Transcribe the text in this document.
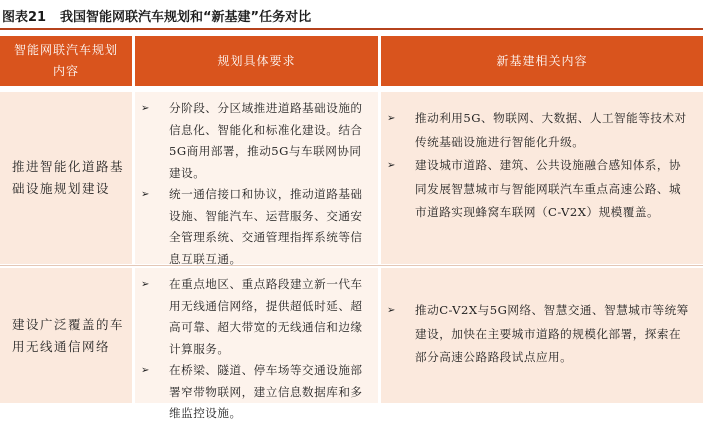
图表21 我国智能网联汽车规划和“新基建”任务对比
智能网联汽车规划内容
规划具体要求	新基建相关内容
推进智能化道路基础设施规划建设
➢ 分阶段、分区域推进道路基础设施的信息化、智能化和标准化建设。结合5G商用部署，推动5G与车联网协同建设。
➢ 统一通信接口和协议，推动道路基础设施、智能汽车、运营服务、交通安全管理系统、交通管理指挥系统等信息互联互通。
➢ 推动利用5G、物联网、大数据、人工智能等技术对传统基础设施进行智能化升级。
➢ 建设城市道路、建筑、公共设施融合感知体系，协同发展智慧城市与智能网联汽车重点高速公路、城市道路实现蜂窝车联网（C-V2X）规模覆盖。
建设广泛覆盖的车用无线通信网络
➢ 在重点地区、重点路段建立新一代车用无线通信网络，提供超低时延、超高可靠、超大带宽的无线通信和边缘计算服务。
➢ 在桥梁、隧道、停车场等交通设施部署窄带物联网，建立信息数据库和多维监控设施。
➢ 推动C-V2X与5G网络、智慧交通、智慧城市等统筹建设，加快在主要城市道路的规模化部署，探索在部分高速公路路段试点应用。
